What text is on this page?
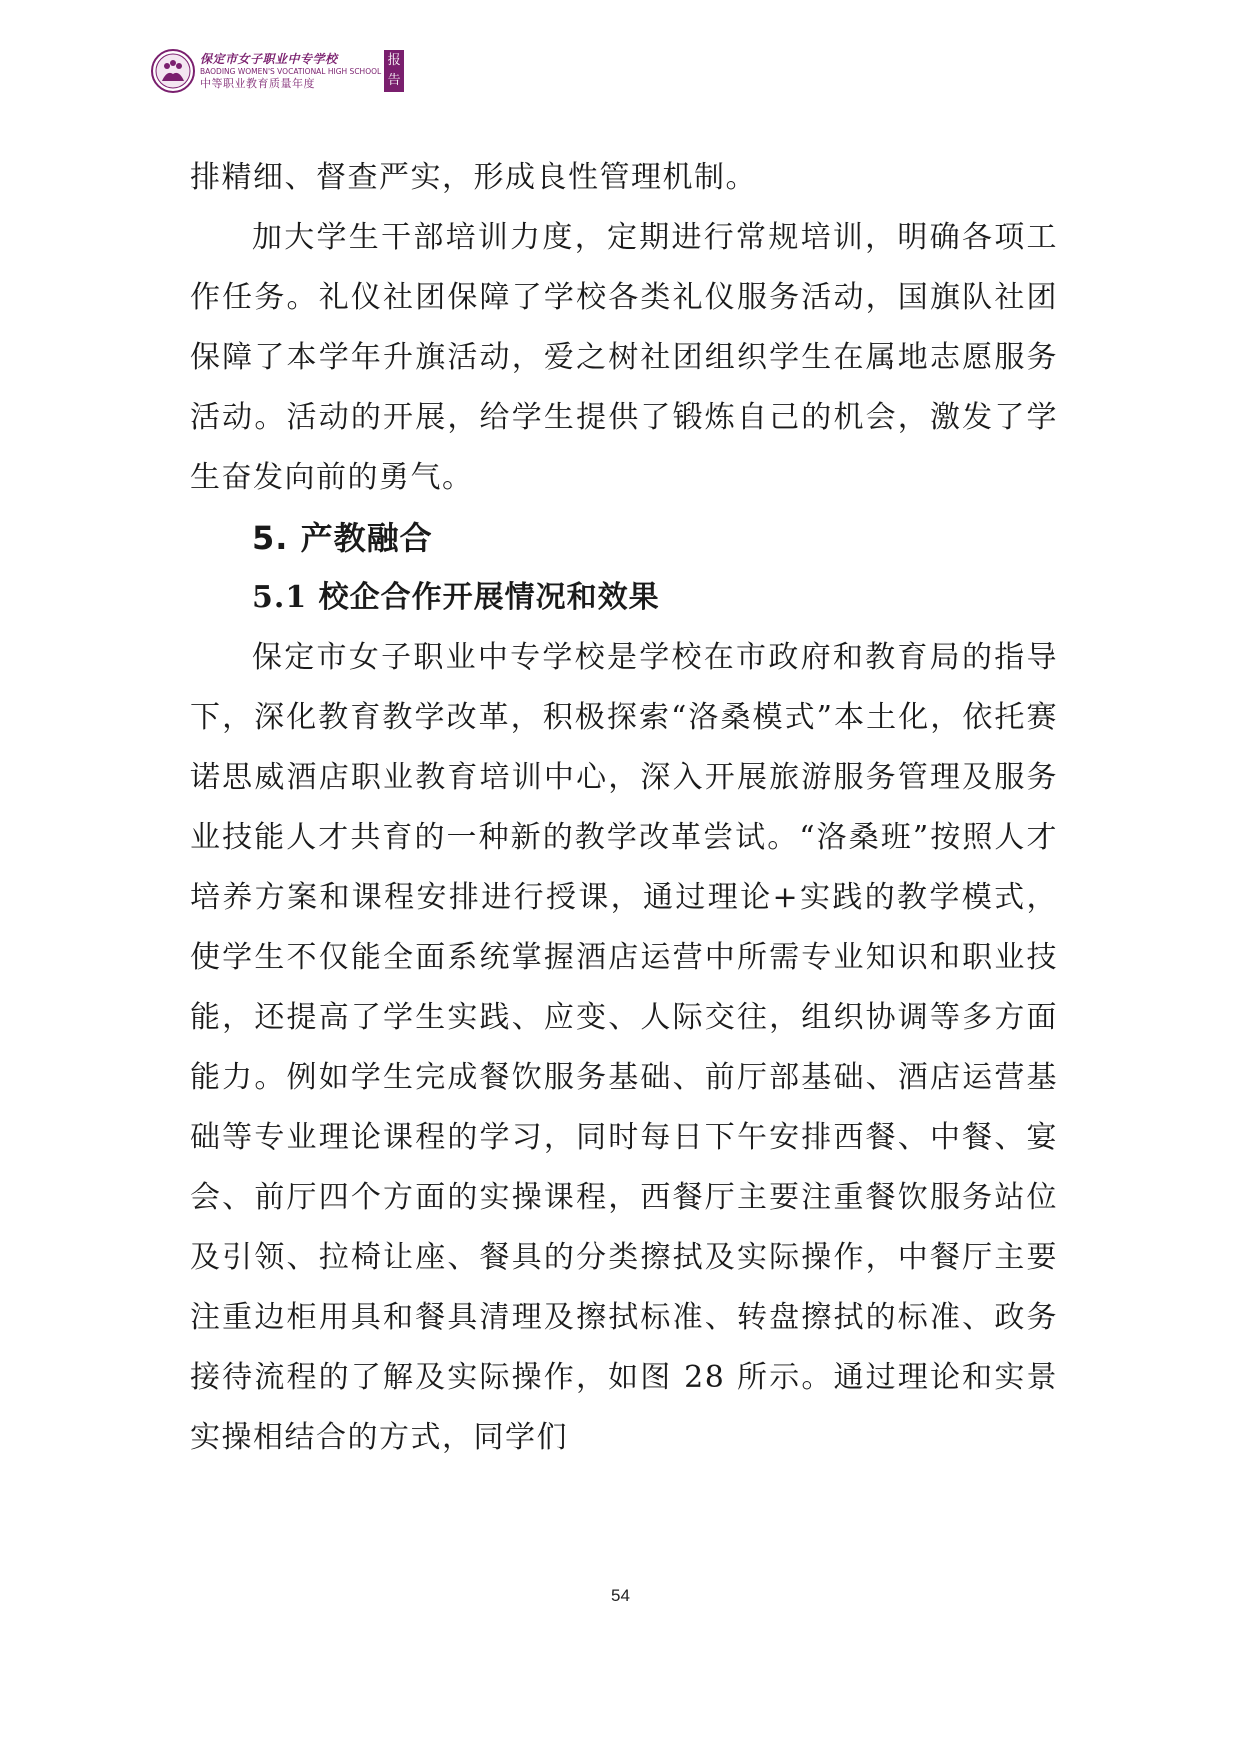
保定市女子职业中专学校
BAODING WOMEN'S VOCATIONAL HIGH SCHOOL
中等职业教育质量年度
报
告

排精细、督查严实，形成良性管理机制。

加大学生干部培训力度，定期进行常规培训，明确各项工作任务。礼仪社团保障了学校各类礼仪服务活动，国旗队社团保障了本学年升旗活动，爱之树社团组织学生在属地志愿服务活动。活动的开展，给学生提供了锻炼自己的机会，激发了学生奋发向前的勇气。

5. 产教融合
5.1 校企合作开展情况和效果

保定市女子职业中专学校是学校在市政府和教育局的指导下，深化教育教学改革，积极探索“洛桑模式”本土化，依托赛诺思威酒店职业教育培训中心，深入开展旅游服务管理及服务业技能人才共育的一种新的教学改革尝试。“洛桑班”按照人才培养方案和课程安排进行授课，通过理论+实践的教学模式，使学生不仅能全面系统掌握酒店运营中所需专业知识和职业技能，还提高了学生实践、应变、人际交往，组织协调等多方面能力。例如学生完成餐饮服务基础、前厅部基础、酒店运营基础等专业理论课程的学习，同时每日下午安排西餐、中餐、宴会、前厅四个方面的实操课程，西餐厅主要注重餐饮服务站位及引领、拉椅让座、餐具的分类擦拭及实际操作，中餐厅主要注重边柜用具和餐具清理及擦拭标准、转盘擦拭的标准、政务接待流程的了解及实际操作，如图 28 所示。通过理论和实景实操相结合的方式，同学们

54
